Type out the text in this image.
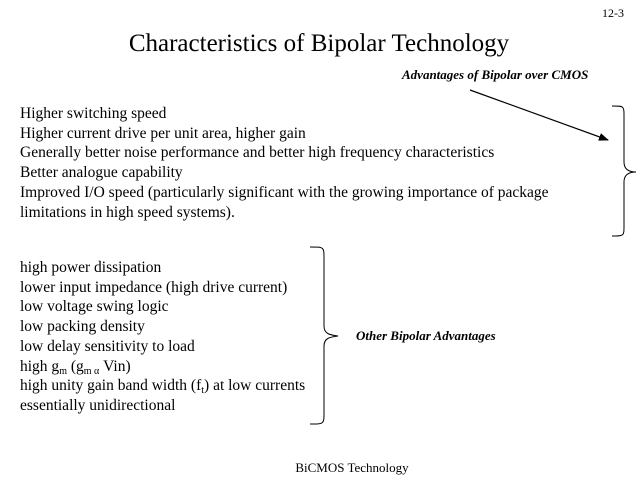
12-3
Characteristics of Bipolar Technology
Advantages of Bipolar over CMOS
Higher switching speed
Higher current drive per unit area, higher gain
Generally better noise performance and better high frequency characteristics
Better analogue capability
Improved I/O speed (particularly significant with the growing importance of package
limitations in high speed systems).
high power dissipation
lower input impedance (high drive current)
low voltage swing logic
low packing density
low delay sensitivity to load
high $g_m$ ($g_{m \alpha}$ Vin)
high unity gain band width $(f_t)$ at low currents
essentially unidirectional
Other Bipolar Advantages
BiCMOS Technology
